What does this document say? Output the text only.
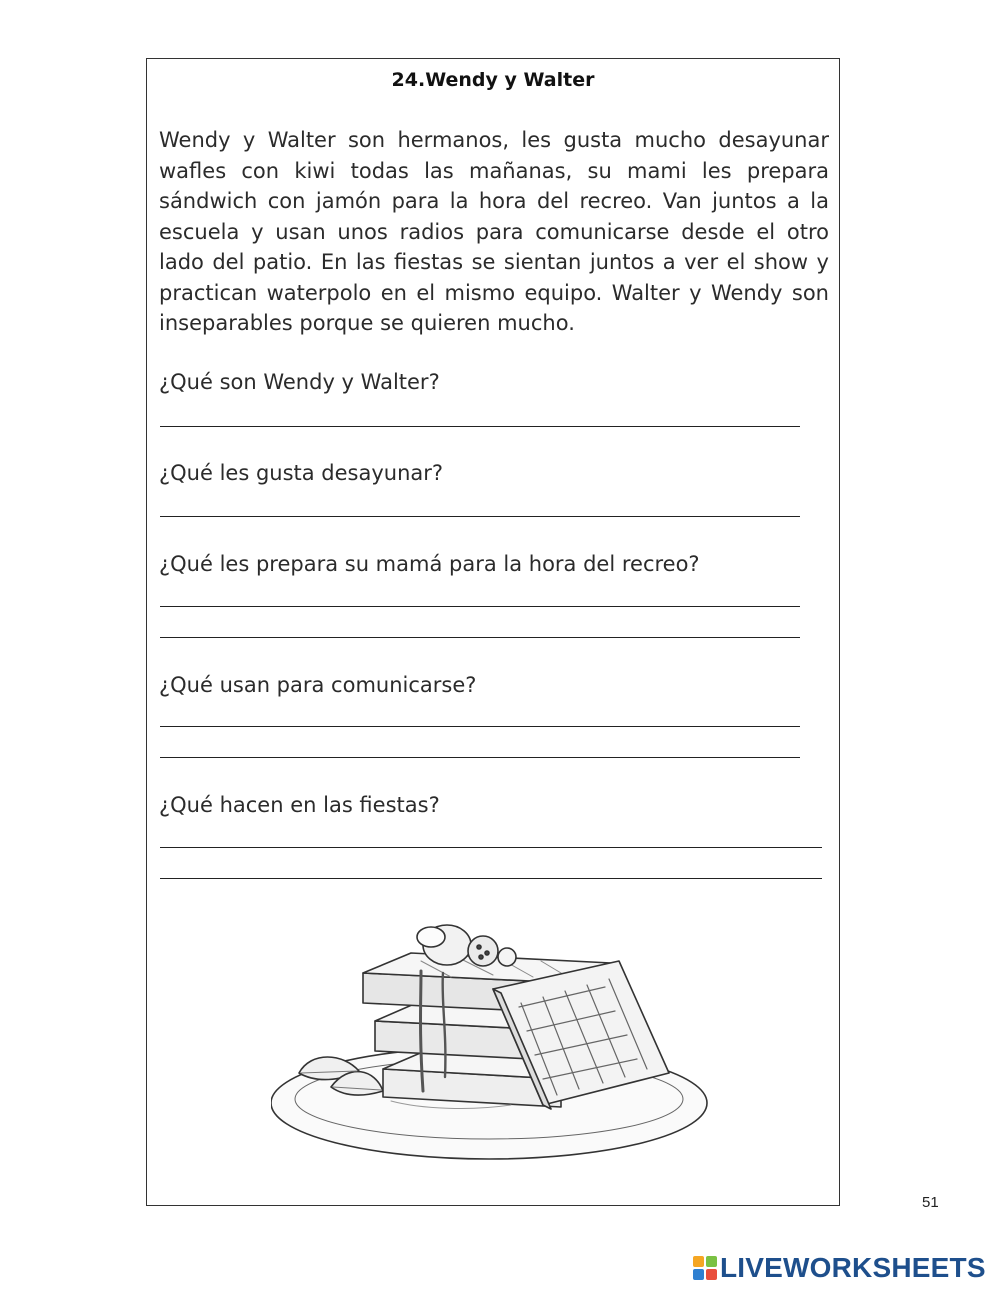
24.Wendy y Walter
Wendy y Walter son hermanos, les gusta mucho desayunar wafles con kiwi todas las mañanas, su mami les prepara sándwich con jamón para la hora del recreo. Van juntos a la escuela y usan unos radios para comunicarse desde el otro lado del patio. En las fiestas se sientan juntos a ver el show y practican waterpolo en el mismo equipo. Walter y Wendy son inseparables porque se quieren mucho.
¿Qué son Wendy y Walter?
¿Qué les gusta desayunar?
¿Qué les prepara su mamá para la hora del recreo?
¿Qué usan para comunicarse?
¿Qué hacen en las fiestas?
51
LIVEWORKSHEETS
